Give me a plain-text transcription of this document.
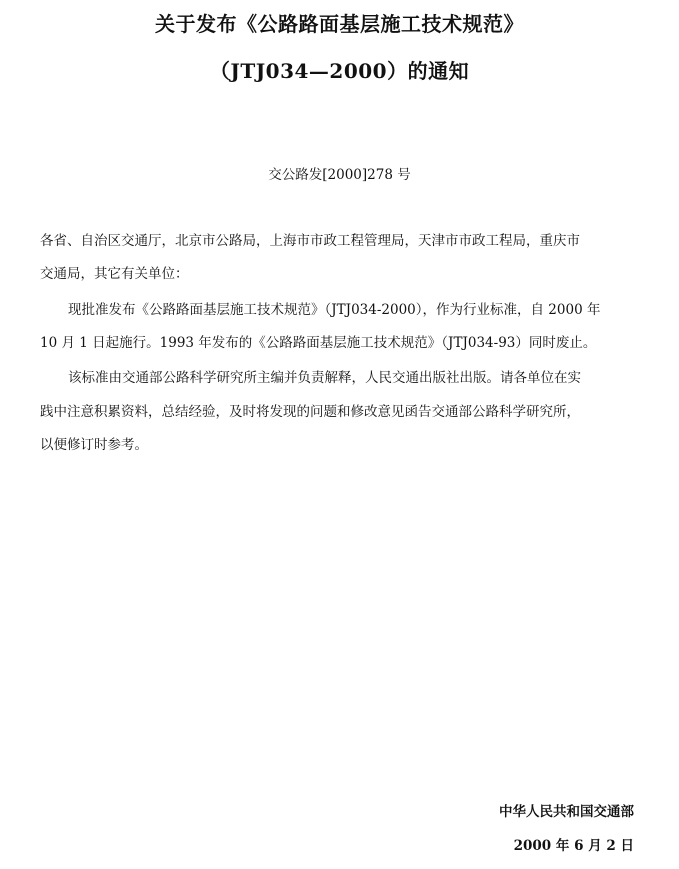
关于发布《公路路面基层施工技术规范》
（JTJ034—2000）的通知
交公路发[2000]278 号
各省、自治区交通厅，北京市公路局，上海市市政工程管理局，天津市市政工程局，重庆市
交通局，其它有关单位：
现批准发布《公路路面基层施工技术规范》（JTJ034-2000），作为行业标准，自 2000 年
10 月 1 日起施行。1993 年发布的《公路路面基层施工技术规范》（JTJ034-93）同时废止。
该标准由交通部公路科学研究所主编并负责解释，人民交通出版社出版。请各单位在实
践中注意积累资料，总结经验，及时将发现的问题和修改意见函告交通部公路科学研究所，
以便修订时参考。
中华人民共和国交通部
2000 年 6 月 2 日
